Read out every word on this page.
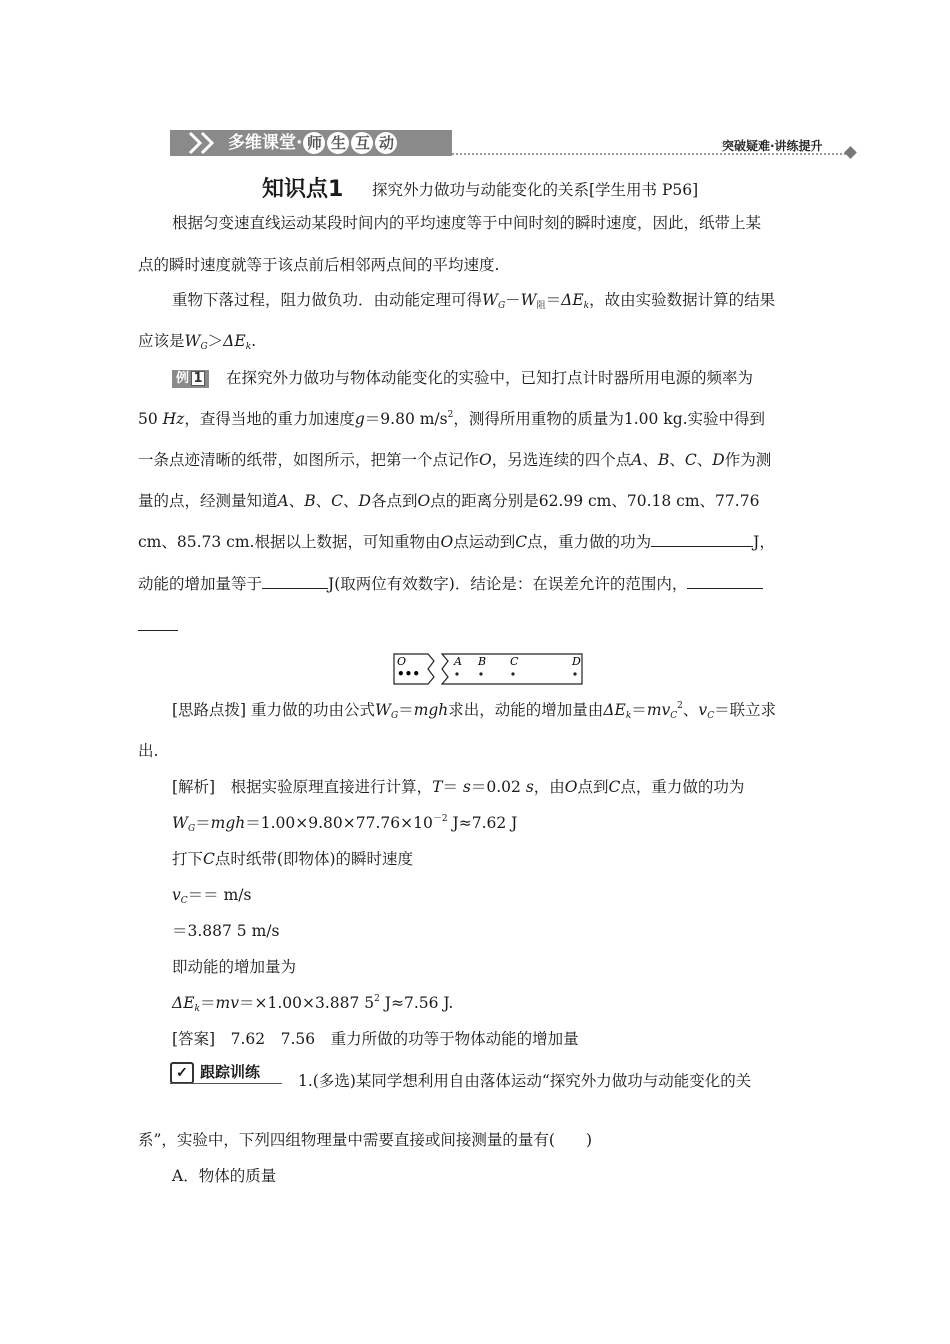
多维课堂· 师 生 互 动	突破疑难·讲练提升
知识点1 探究外力做功与动能变化的关系[学生用书 P56]
根据匀变速直线运动某段时间内的平均速度等于中间时刻的瞬时速度，因此，纸带上某
点的瞬时速度就等于该点前后相邻两点间的平均速度.
重物下落过程，阻力做负功．由动能定理可得$W_G-W_阻=\Delta E_k$，故由实验数据计算的结果
应该是$W_G>\Delta E_k$.
例 1	在探究外力做功与物体动能变化的实验中，已知打点计时器所用电源的频率为
50 Hz，查得当地的重力加速度g＝9.80 $m/s^2$，测得所用重物的质量为1.00 kg.实验中得到
一条点迹清晰的纸带，如图所示，把第一个点记作O，另选连续的四个点A、B、C、D作为测
量的点，经测量知道A、B、C、D各点到O点的距离分别是62.99 cm、70.18 cm、77.76
cm、85.73 cm.根据以上数据，可知重物由O点运动到C点，重力做的功为	J，
动能的增加量等于	J(取两位有效数字)．结论是：在误差允许的范围内，
O
•••
A B C	D
[思路点拨] 重力做的功由公式$W_G=mgh$求出，动能的增加量由$\Delta E_k=mv_C^2$、$v_C=$联立求
出.
[解析]　根据实验原理直接进行计算，T＝ s＝0.02 s，由O点到C点，重力做的功为
$W_G=mgh=1.00\times 9.80\times 77.76\times 10^{-2}$ J≈7.62 J
打下C点时纸带(即物体)的瞬时速度
$v_C== m/s$
＝3.887 5 m/s
即动能的增加量为
$\Delta E_k=mv=\times 1.00\times 3.887$ $5^2$ J≈7.56 J.
[答案]　7.62　7.56　重力所做的功等于物体动能的增加量
✓ 跟踪训练 1.(多选)某同学想利用自由落体运动“探究外力做功与动能变化的关
系”，实验中，下列四组物理量中需要直接或间接测量的量有(　　)
A．物体的质量
